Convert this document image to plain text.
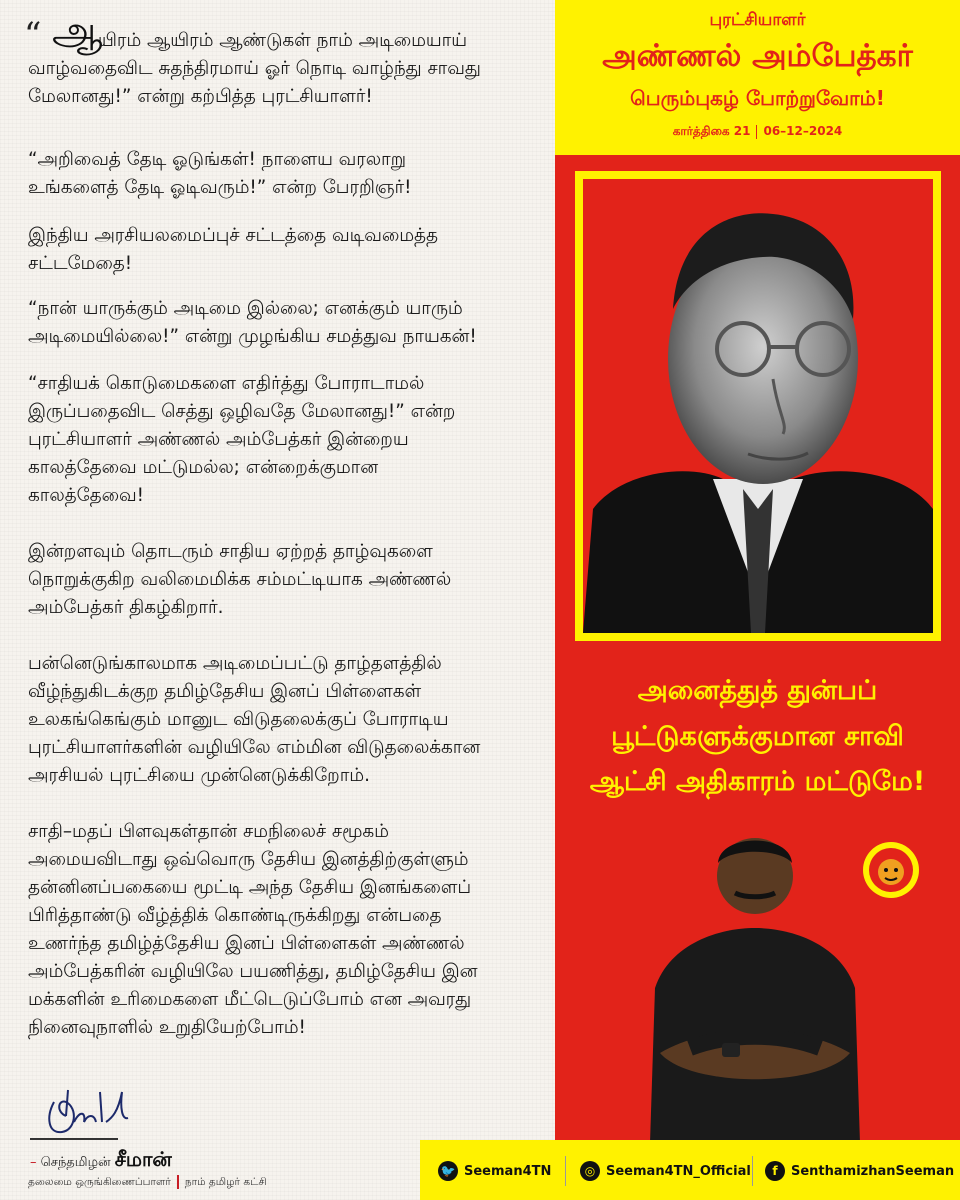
“ ஆ
யிரம் ஆயிரம் ஆண்டுகள் நாம் அடிமையாய்
வாழ்வதைவிட சுதந்திரமாய் ஓர் நொடி வாழ்ந்து சாவது
மேலானது!” என்று கற்பித்த புரட்சியாளர்!
“அறிவைத் தேடி ஓடுங்கள்! நாளைய வரலாறு
உங்களைத் தேடி ஓடிவரும்!” என்ற பேரறிஞர்!
இந்திய அரசியலமைப்புச் சட்டத்தை வடிவமைத்த
சட்டமேதை!
“நான் யாருக்கும் அடிமை இல்லை; எனக்கும் யாரும்
அடிமையில்லை!” என்று முழங்கிய சமத்துவ நாயகன்!
“சாதியக் கொடுமைகளை எதிர்த்து போராடாமல்
இருப்பதைவிட செத்து ஒழிவதே மேலானது!” என்ற
புரட்சியாளர் அண்ணல் அம்பேத்கர் இன்றைய
காலத்தேவை மட்டுமல்ல; என்றைக்குமான
காலத்தேவை!
இன்றளவும் தொடரும் சாதிய ஏற்றத் தாழ்வுகளை
நொறுக்குகிற வலிமைமிக்க சம்மட்டியாக அண்ணல்
அம்பேத்கர் திகழ்கிறார்.
பன்னெடுங்காலமாக அடிமைப்பட்டு தாழ்தளத்தில்
வீழ்ந்துகிடக்குற தமிழ்தேசிய இனப் பிள்ளைகள்
உலகங்கெங்கும் மானுட விடுதலைக்குப் போராடிய
புரட்சியாளர்களின் வழியிலே எம்மின விடுதலைக்கான
அரசியல் புரட்சியை முன்னெடுக்கிறோம்.
சாதி–மதப் பிளவுகள்தான் சமநிலைச் சமூகம்
அமையவிடாது ஒவ்வொரு தேசிய இனத்திற்குள்ளும்
தன்னினப்பகையை மூட்டி அந்த தேசிய இனங்களைப்
பிரித்தாண்டு வீழ்த்திக் கொண்டிருக்கிறது என்பதை
உணர்ந்த தமிழ்த்தேசிய இனப் பிள்ளைகள் அண்ணல்
அம்பேத்கரின் வழியிலே பயணித்து, தமிழ்தேசிய இன
மக்களின் உரிமைகளை மீட்டெடுப்போம் என அவரது
நினைவுநாளில் உறுதியேற்போம்!
– செந்தமிழன் சீமான்
தலைமை ஒருங்கிணைப்பாளர் நாம் தமிழர் கட்சி
புரட்சியாளர்
அண்ணல் அம்பேத்கர்
பெரும்புகழ் போற்றுவோம்!
கார்த்திகை 21 06–12–2024
அனைத்துத் துன்பப்
பூட்டுகளுக்குமான சாவி
ஆட்சி அதிகாரம் மட்டுமே!
🐦 Seeman4TN	◎ Seeman4TN_Official	f	SenthamizhanSeeman
